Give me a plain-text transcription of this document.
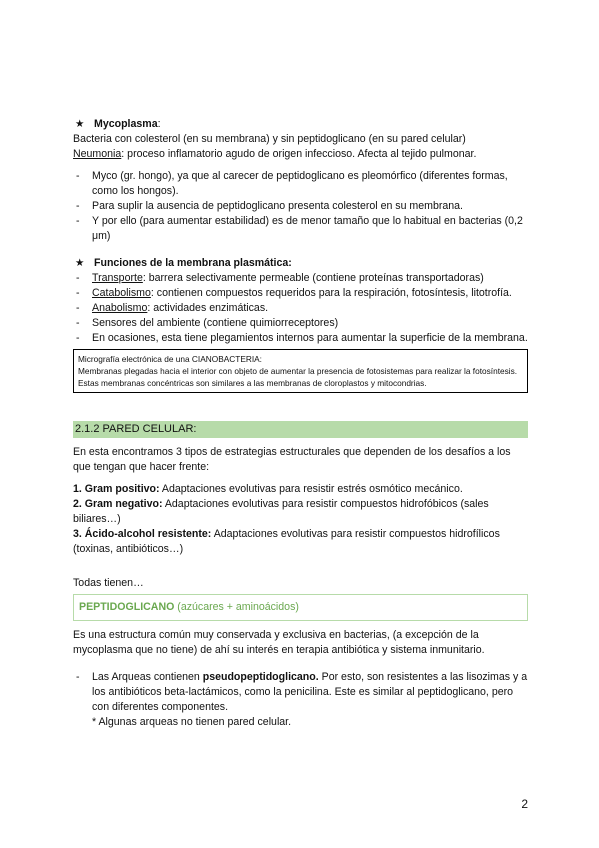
★ Mycoplasma:

Bacteria con colesterol (en su membrana) y sin peptidoglicano (en su pared celular)

Neumonia: proceso inflamatorio agudo de origen infeccioso. Afecta al tejido pulmonar.

- Myco (gr. hongo), ya que al carecer de peptidoglicano es pleomórfico (diferentes formas, como los hongos).
- Para suplir la ausencia de peptidoglicano presenta colesterol en su membrana.
- Y por ello (para aumentar estabilidad) es de menor tamaño que lo habitual en bacterias (0,2 μm)
★ Funciones de la membrana plasmática:
- Transporte: barrera selectivamente permeable (contiene proteínas transportadoras)
- Catabolismo: contienen compuestos requeridos para la respiración, fotosíntesis, litotrofía.
- Anabolismo: actividades enzimáticas.
- Sensores del ambiente (contiene quimiorreceptores)
- En ocasiones, esta tiene plegamientos internos para aumentar la superficie de la membrana.

Micrografía electrónica de una CIANOBACTERIA:

Membranas plegadas hacia el interior con objeto de aumentar la presencia de fotosistemas para realizar la fotosíntesis. Estas membranas concéntricas son similares a las membranas de cloroplastos y mitocondrias.

2.1.2 PARED CELULAR:

En esta encontramos 3 tipos de estrategias estructurales que dependen de los desafíos a los que tengan que hacer frente:

1. Gram positivo: Adaptaciones evolutivas para resistir estrés osmótico mecánico.

2. Gram negativo: Adaptaciones evolutivas para resistir compuestos hidrofóbicos (sales biliares…)

3. Ácido-alcohol resistente: Adaptaciones evolutivas para resistir compuestos hidrofílicos (toxinas, antibióticos…)

Todas tienen…

PEPTIDOGLICANO (azúcares + aminoácidos)

Es una estructura común muy conservada y exclusiva en bacterias, (a excepción de la mycoplasma que no tiene) de ahí su interés en terapia antibiótica y sistema inmunitario.

- Las Arqueas contienen pseudopeptidoglicano. Por esto, son resistentes a las lisozimas y a los antibióticos beta-lactámicos, como la penicilina. Este es similar al peptidoglicano, pero con diferentes componentes.
* Algunas arqueas no tienen pared celular.
2
